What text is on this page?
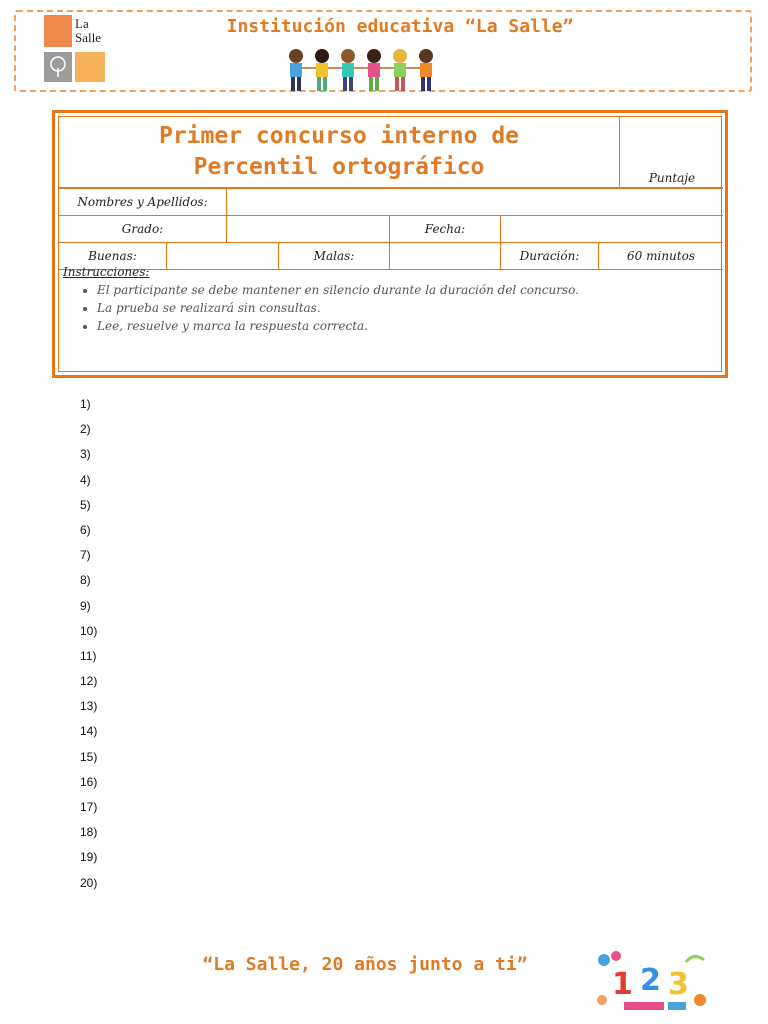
La Salle
Institución educativa “La Salle”
Primer concurso interno de
Percentil ortográfico	Puntaje
Nombres y Apellidos:
Grado:	Fecha:
Buenas:	Malas:	Duración:	60 minutos
Instrucciones:
• El participante se debe mantener en silencio durante la duración del concurso.
• La prueba se realizará sin consultas.
• Lee, resuelve y marca la respuesta correcta.
1)
2)
3)
4)
5)
6)
7)
8)
9)
10)
11)
12)
13)
14)
15)
16)
17)
18)
19)
20)
“La Salle, 20 años junto a ti”
1 2 3
